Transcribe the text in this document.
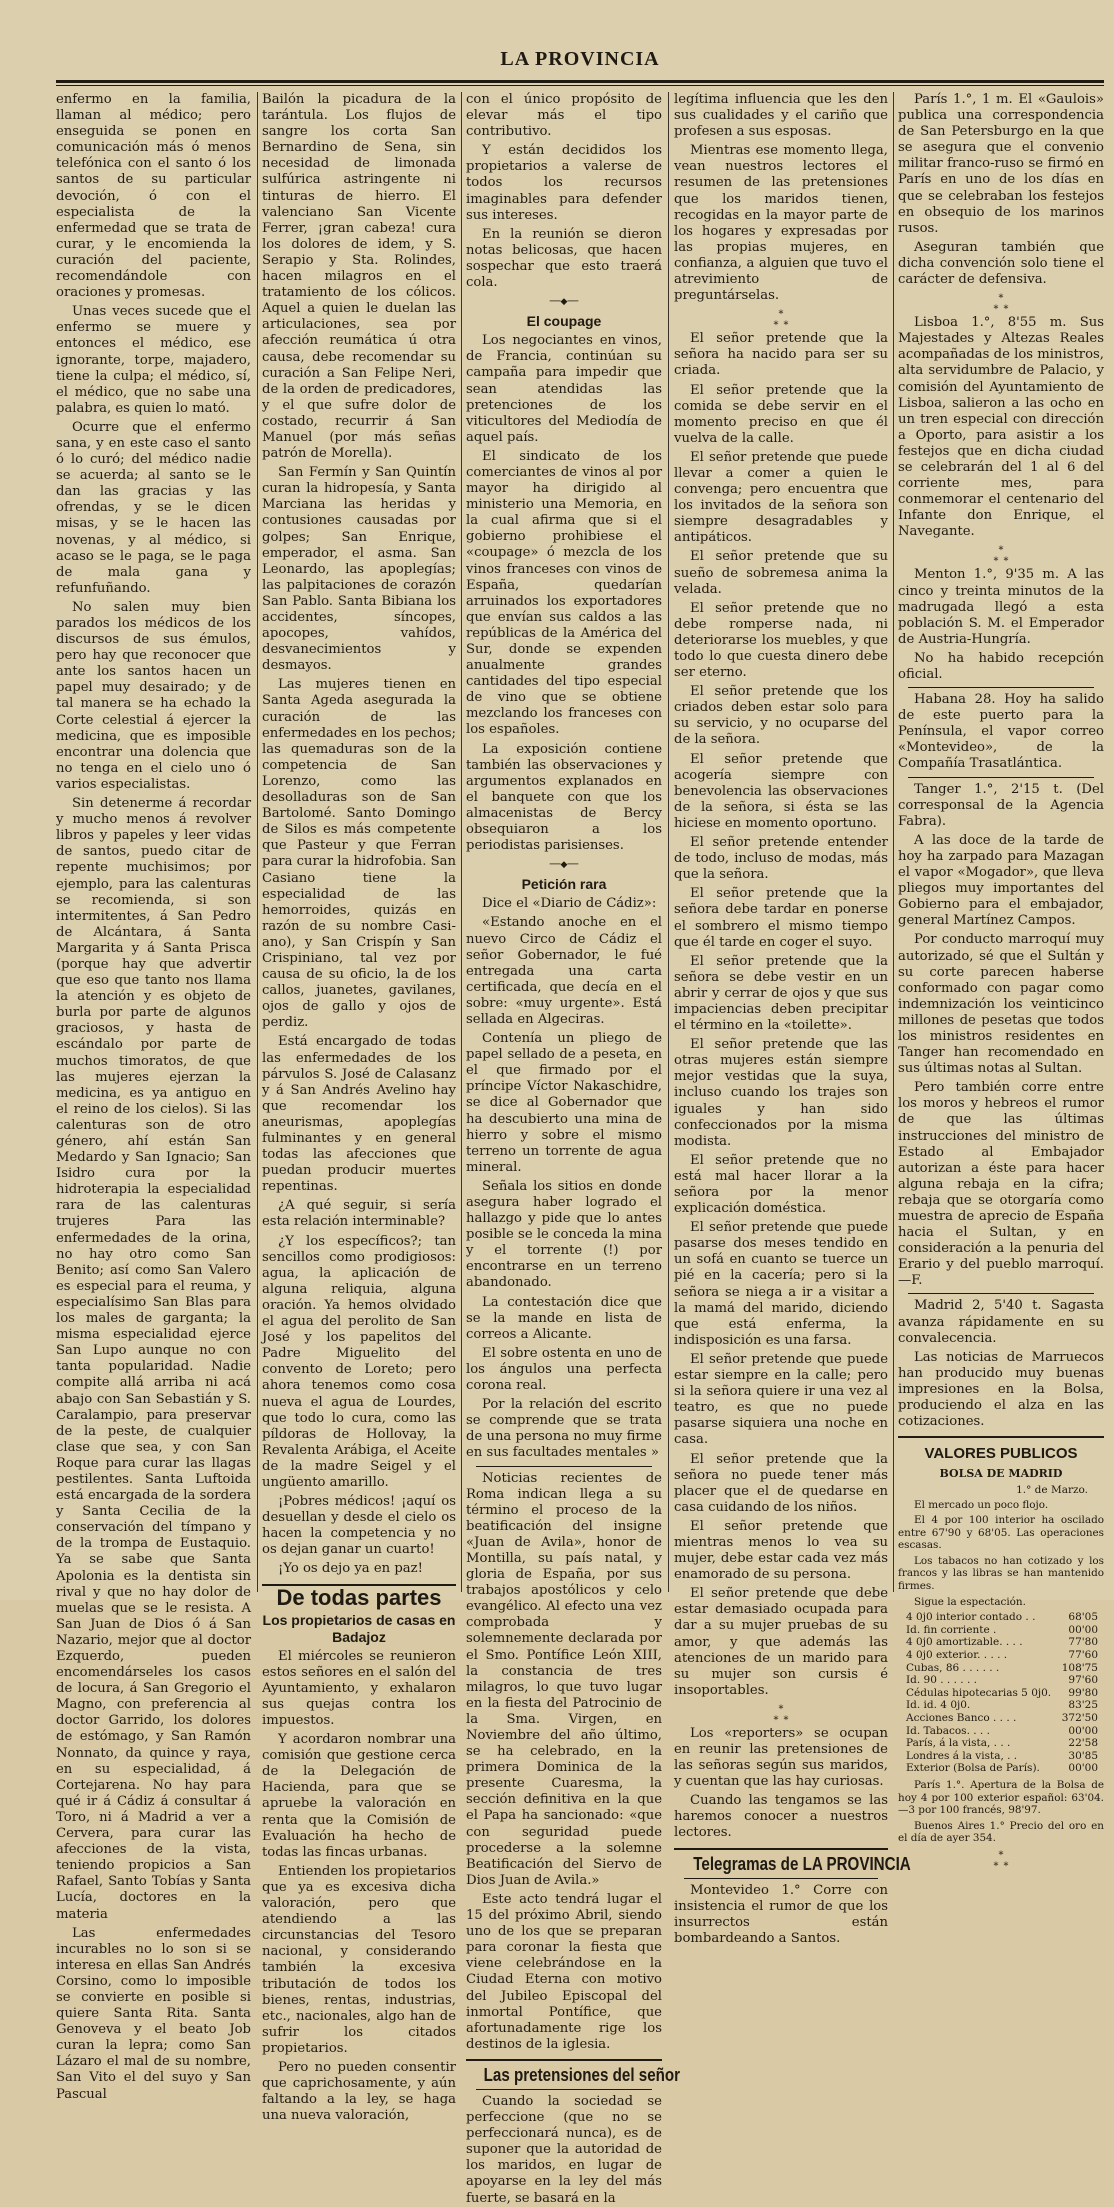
LA PROVINCIA

enfermo en la familia, llaman al médico; pero enseguida se ponen en comunicación más ó menos telefónica con el santo ó los santos de su particular devoción, ó con el especialista de la enfermedad que se trata de curar, y le encomienda la curación del paciente, recomendándole con oraciones y promesas.

Unas veces sucede que el enfermo se muere y entonces el médico, ese ignorante, torpe, majadero, tiene la culpa; el médico, sí, el médico, que no sabe una palabra, es quien lo mató.

Ocurre que el enfermo sana, y en este caso el santo ó lo curó; del médico nadie se acuerda; al santo se le dan las gracias y las ofrendas, y se le dicen misas, y se le hacen las novenas, y al médico, si acaso se le paga, se le paga de mala gana y refunfuñando.

No salen muy bien parados los médicos de los discursos de sus émulos, pero hay que reconocer que ante los santos hacen un papel muy desairado; y de tal manera se ha echado la Corte celestial á ejercer la medicina, que es imposible encontrar una dolencia que no tenga en el cielo uno ó varios especialistas.

Sin detenerme á recordar y mucho menos á revolver libros y papeles y leer vidas de santos, puedo citar de repente muchisimos; por ejemplo, para las calenturas se recomienda, si son intermitentes, á San Pedro de Alcántara, á Santa Margarita y á Santa Prisca (porque hay que advertir que eso que tanto nos llama la atención y es objeto de burla por parte de algunos graciosos, y hasta de escándalo por parte de muchos timoratos, de que las mujeres ejerzan la medicina, es ya antiguo en el reino de los cielos). Si las calenturas son de otro género, ahí están San Medardo y San Ignacio; San Isidro cura por la hidroterapia la especialidad rara de las calenturas trujeres Para las enfermedades de la orina, no hay otro como San Benito; así como San Valero es especial para el reuma, y especialísimo San Blas para los males de garganta; la misma especialidad ejerce San Lupo aunque no con tanta popularidad. Nadie compite allá arriba ni acá abajo con San Sebastián y S. Caralampio, para preservar de la peste, de cualquier clase que sea, y con San Roque para curar las llagas pestilentes. Santa Luftoida está encargada de la sordera y Santa Cecilia de la conservación del tímpano y de la trompa de Eustaquio. Ya se sabe que Santa Apolonia es la dentista sin rival y que no hay dolor de muelas que se le resista. A San Juan de Dios ó á San Nazario, mejor que al doctor Ezquerdo, pueden encomendárseles los casos de locura, á San Gregorio el Magno, con preferencia al doctor Garrido, los dolores de estómago, y San Ramón Nonnato, da quince y raya, en su especialidad, á Cortejarena. No hay para qué ir á Cádiz á consultar á Toro, ni á Madrid a ver a Cervera, para curar las afecciones de la vista, teniendo propicios a San Rafael, Santo Tobías y Santa Lucía, doctores en la materia

Las enfermedades incurables no lo son si se interesa en ellas San Andrés Corsino, como lo imposible se convierte en posible si quiere Santa Rita. Santa Genoveva y el beato Job curan la lepra; como San Lázaro el mal de su nombre, San Vito el del suyo y San Pascual

Bailón la picadura de la tarántula. Los flujos de sangre los corta San Bernardino de Sena, sin necesidad de limonada sulfúrica astringente ni tinturas de hierro. El valenciano San Vicente Ferrer, ¡gran cabeza! cura los dolores de idem, y S. Serapio y Sta. Rolindes, hacen milagros en el tratamiento de los cólicos. Aquel a quien le duelan las articulaciones, sea por afección reumática ú otra causa, debe recomendar su curación a San Felipe Neri, de la orden de predicadores, y el que sufre dolor de costado, recurrir á San Manuel (por más señas patrón de Morella).

San Fermín y San Quintín curan la hidropesía, y Santa Marciana las heridas y contusiones causadas por golpes; San Enrique, emperador, el asma. San Leonardo, las apoplegías; las palpitaciones de corazón San Pablo. Santa Bibiana los accidentes, síncopes, apocopes, vahídos, desvanecimientos y desmayos.

Las mujeres tienen en Santa Ageda asegurada la curación de las enfermedades en los pechos; las quemaduras son de la competencia de San Lorenzo, como las desolladuras son de San Bartolomé. Santo Domingo de Silos es más competente que Pasteur y que Ferran para curar la hidrofobia. San Casiano tiene la especialidad de las hemorroides, quizás en razón de su nombre Casi-ano), y San Crispín y San Crispiniano, tal vez por causa de su oficio, la de los callos, juanetes, gavilanes, ojos de gallo y ojos de perdiz.

Está encargado de todas las enfermedades de los párvulos S. José de Calasanz y á San Andrés Avelino hay que recomendar los aneurismas, apoplegías fulminantes y en general todas las afecciones que puedan producir muertes repentinas.

¿A qué seguir, si sería esta relación interminable?

¿Y los específicos?; tan sencillos como prodigiosos: agua, la aplicación de alguna reliquia, alguna oración. Ya hemos olvidado el agua del perolito de San José y los papelitos del Padre Miguelito del convento de Loreto; pero ahora tenemos como cosa nueva el agua de Lourdes, que todo lo cura, como las píldoras de Hollovay, la Revalenta Arábiga, el Aceite de la madre Seigel y el ungüento amarillo.

¡Pobres médicos! ¡aquí os desuellan y desde el cielo os hacen la competencia y no os dejan ganar un cuarto!

¡Yo os dejo ya en paz!

De todas partes
Los propietarios de casas en Badajoz

El miércoles se reunieron estos señores en el salón del Ayuntamiento, y exhalaron sus quejas contra los impuestos.

Y acordaron nombrar una comisión que gestione cerca de la Delegación de Hacienda, para que se apruebe la valoración en renta que la Comisión de Evaluación ha hecho de todas las fincas urbanas.

Entienden los propietarios que ya es excesiva dicha valoración, pero que atendiendo a las circunstancias del Tesoro nacional, y considerando también la excesiva tributación de todos los bienes, rentas, industrias, etc., nacionales, algo han de sufrir los citados propietarios.

Pero no pueden consentir que caprichosamente, y aún faltando a la ley, se haga una nueva valoración,

con el único propósito de elevar más el tipo contributivo.

Y están decididos los propietarios a valerse de todos los recursos imaginables para defender sus intereses.

En la reunión se dieron notas belicosas, que hacen sospechar que esto traerá cola.

──◆──
El coupage

Los negociantes en vinos, de Francia, continúan su campaña para impedir que sean atendidas las pretenciones de los viticultores del Mediodía de aquel país.

El sindicato de los comerciantes de vinos al por mayor ha dirigido al ministerio una Memoria, en la cual afirma que si el gobierno prohibiese el «coupage» ó mezcla de los vinos franceses con vinos de España, quedarían arruinados los exportadores que envían sus caldos a las repúblicas de la América del Sur, donde se expenden anualmente grandes cantidades del tipo especial de vino que se obtiene mezclando los franceses con los españoles.

La exposición contiene también las observaciones y argumentos explanados en el banquete con que los almacenistas de Bercy obsequiaron a los periodistas parisienses.

──◆──
Petición rara

Dice el «Diario de Cádiz»:

«Estando anoche en el nuevo Circo de Cádiz el señor Gobernador, le fué entregada una carta certificada, que decía en el sobre: «muy urgente». Está sellada en Algeciras.

Contenía un pliego de papel sellado de a peseta, en el que firmado por el príncipe Víctor Nakaschidre, se dice al Gobernador que ha descubierto una mina de hierro y sobre el mismo terreno un torrente de agua mineral.

Señala los sitios en donde asegura haber logrado el hallazgo y pide que lo antes posible se le conceda la mina y el torrente (!) por encontrarse en un terreno abandonado.

La contestación dice que se la mande en lista de correos a Alicante.

El sobre ostenta en uno de los ángulos una perfecta corona real.

Por la relación del escrito se comprende que se trata de una persona no muy firme en sus facultades mentales »

Noticias recientes de Roma indican llega a su término el proceso de la beatificación del insigne «Juan de Avila», honor de Montilla, su país natal, y gloria de España, por sus trabajos apostólicos y celo evangélico. Al efecto una vez comprobada y solemnemente declarada por el Smo. Pontífice León XIII, la constancia de tres milagros, lo que tuvo lugar en la fiesta del Patrocinio de la Sma. Virgen, en Noviembre del año último, se ha celebrado, en la primera Dominica de la presente Cuaresma, la sección definitiva en la que el Papa ha sancionado: «que con seguridad puede procederse a la solemne Beatificación del Siervo de Dios Juan de Avila.»

Este acto tendrá lugar el 15 del próximo Abril, siendo uno de los que se preparan para coronar la fiesta que viene celebrándose en la Ciudad Eterna con motivo del Jubileo Episcopal del inmortal Pontífice, que afortunadamente rige los destinos de la iglesia.

Las pretensiones del señor

Cuando la sociedad se perfeccione (que no se perfeccionará nunca), es de suponer que la autoridad de los maridos, en lugar de apoyarse en la ley del más fuerte, se basará en la

legítima influencia que les den sus cualidades y el cariño que profesen a sus esposas.

Mientras ese momento llega, vean nuestros lectores el resumen de las pretensiones que los maridos tienen, recogidas en la mayor parte de los hogares y expresadas por las propias mujeres, en confianza, a alguien que tuvo el atrevimiento de preguntárselas.

∗
∗ ∗

El señor pretende que la señora ha nacido para ser su criada.

El señor pretende que la comida se debe servir en el momento preciso en que él vuelva de la calle.

El señor pretende que puede llevar a comer a quien le convenga; pero encuentra que los invitados de la señora son siempre desagradables y antipáticos.

El señor pretende que su sueño de sobremesa anima la velada.

El señor pretende que no debe romperse nada, ni deteriorarse los muebles, y que todo lo que cuesta dinero debe ser eterno.

El señor pretende que los criados deben estar solo para su servicio, y no ocuparse del de la señora.

El señor pretende que acogería siempre con benevolencia las observaciones de la señora, si ésta se las hiciese en momento oportuno.

El señor pretende entender de todo, incluso de modas, más que la señora.

El señor pretende que la señora debe tardar en ponerse el sombrero el mismo tiempo que él tarde en coger el suyo.

El señor pretende que la señora se debe vestir en un abrir y cerrar de ojos y que sus impaciencias deben precipitar el término en la «toilette».

El señor pretende que las otras mujeres están siempre mejor vestidas que la suya, incluso cuando los trajes son iguales y han sido confeccionados por la misma modista.

El señor pretende que no está mal hacer llorar a la señora por la menor explicación doméstica.

El señor pretende que puede pasarse dos meses tendido en un sofá en cuanto se tuerce un pié en la cacería; pero si la señora se niega a ir a visitar a la mamá del marido, diciendo que está enferma, la indisposición es una farsa.

El señor pretende que puede estar siempre en la calle; pero si la señora quiere ir una vez al teatro, es que no puede pasarse siquiera una noche en casa.

El señor pretende que la señora no puede tener más placer que el de quedarse en casa cuidando de los niños.

El señor pretende que mientras menos lo vea su mujer, debe estar cada vez más enamorado de su persona.

El señor pretende que debe estar demasiado ocupada para dar a su mujer pruebas de su amor, y que además las atenciones de un marido para su mujer son cursis é insoportables.

∗
∗ ∗

Los «reporters» se ocupan en reunir las pretensiones de las señoras según sus maridos, y cuentan que las hay curiosas.

Cuando las tengamos se las haremos conocer a nuestros lectores.

Telegramas de LA PROVINCIA

Montevideo 1.° Corre con insistencia el rumor de que los insurrectos están bombardeando a Santos.

París 1.°, 1 m. El «Gaulois» publica una correspondencia de San Petersburgo en la que se asegura que el convenio militar franco-ruso se firmó en París en uno de los días en que se celebraban los festejos en obsequio de los marinos rusos.

Aseguran también que dicha convención solo tiene el carácter de defensiva.

∗
∗ ∗

Lisboa 1.°, 8'55 m. Sus Majestades y Altezas Reales acompañadas de los ministros, alta servidumbre de Palacio, y comisión del Ayuntamiento de Lisboa, salieron a las ocho en un tren especial con dirección a Oporto, para asistir a los festejos que en dicha ciudad se celebrarán del 1 al 6 del corriente mes, para conmemorar el centenario del Infante don Enrique, el Navegante.

∗
∗ ∗

Menton 1.°, 9'35 m. A las cinco y treinta minutos de la madrugada llegó a esta población S. M. el Emperador de Austria-Hungría.

No ha habido recepción oficial.

Habana 28. Hoy ha salido de este puerto para la Península, el vapor correo «Montevideo», de la Compañía Trasatlántica.

Tanger 1.°, 2'15 t. (Del corresponsal de la Agencia Fabra).

A las doce de la tarde de hoy ha zarpado para Mazagan el vapor «Mogador», que lleva pliegos muy importantes del Gobierno para el embajador, general Martínez Campos.

Por conducto marroquí muy autorizado, sé que el Sultán y su corte parecen haberse conformado con pagar como indemnización los veinticinco millones de pesetas que todos los ministros residentes en Tanger han recomendado en sus últimas notas al Sultan.

Pero también corre entre los moros y hebreos el rumor de que las últimas instrucciones del ministro de Estado al Embajador autorizan a éste para hacer alguna rebaja en la cifra; rebaja que se otorgaría como muestra de aprecio de España hacia el Sultan, y en consideración a la penuria del Erario y del pueblo marroquí.—F.

Madrid 2, 5'40 t. Sagasta avanza rápidamente en su convalecencia.

Las noticias de Marruecos han producido muy buenas impresiones en la Bolsa, produciendo el alza en las cotizaciones.

VALORES PUBLICOS
BOLSA DE MADRID
1.° de Marzo.

El mercado un poco flojo.

El 4 por 100 interior ha oscilado entre 67'90 y 68'05. Las operaciones escasas.

Los tabacos no han cotizado y los francos y las libras se han mantenido firmes.

Sigue la espectación.

4 0j0 interior contado . .	68'05
Id. fin corriente .	00'00
4 0j0 amortizable. . . .	77'80
4 0j0 exterior. . . . .	77'60
Cubas, 86 . . . . . .	108'75
Id. 90 . . . . . .	97'60
Cédulas hipotecarias 5 0j0. 99'80
Id. id. 4 0j0.	83'25
Acciones Banco . . . .	372'50
Id. Tabacos. . . .	00'00
París, á la vista, . . .	22'58
Londres á la vista, . .	30'85
Exterior (Bolsa de París).	00'00

París 1.°. Apertura de la Bolsa de hoy 4 por 100 exterior español: 63'04.—3 por 100 francés, 98'97.

Buenos Aires 1.° Precio del oro en el día de ayer 354.

∗
∗ ∗
